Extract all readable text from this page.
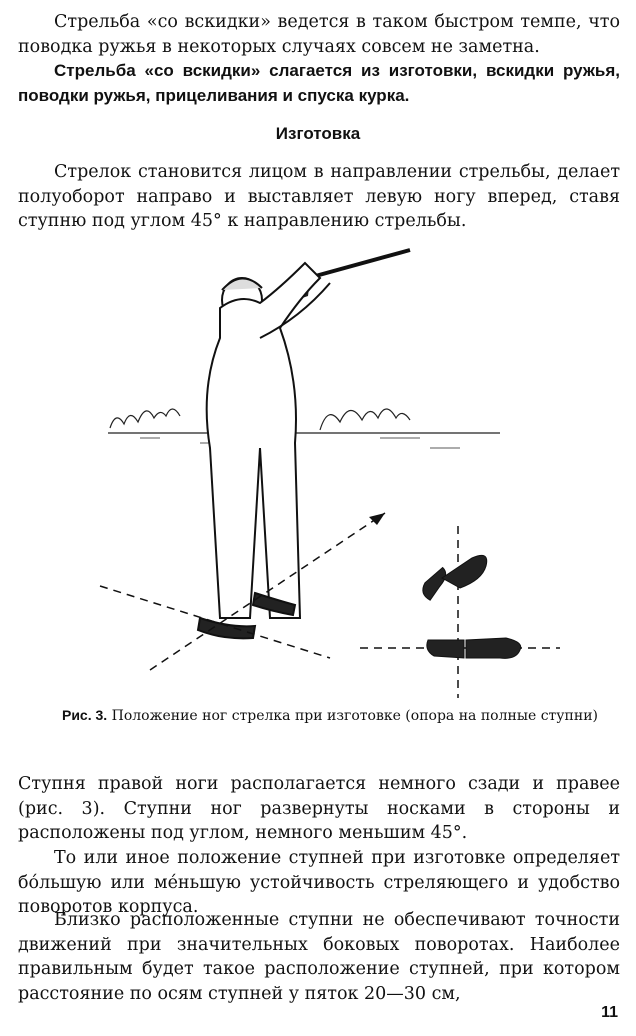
Стрельба «со вскидки» ведется в таком быстром темпе, что поводка ружья в некоторых случаях совсем не заметна.

Стрельба «со вскидки» слагается из изготовки, вскидки ружья, поводки ружья, прицеливания и спуска курка.

Изготовка

Стрелок становится лицом в направлении стрельбы, делает полуоборот направо и выставляет левую ногу вперед, ставя ступню под углом 45° к направлению стрельбы.

Рис. 3. Положение ног стрелка при изготовке (опора на полные ступни)

Ступня правой ноги располагается немного сзади и правее (рис. 3). Ступни ног развернуты носками в стороны и расположены под углом, немного меньшим 45°.

То или иное положение ступней при изготовке определяет бо́льшую или ме́ньшую устойчивость стреляющего и удобство поворотов корпуса.

Близко расположенные ступни не обеспечивают точности движений при значительных боковых поворотах. Наиболее правильным будет такое расположение ступней, при котором расстояние по осям ступней у пяток 20—30 см,

11
